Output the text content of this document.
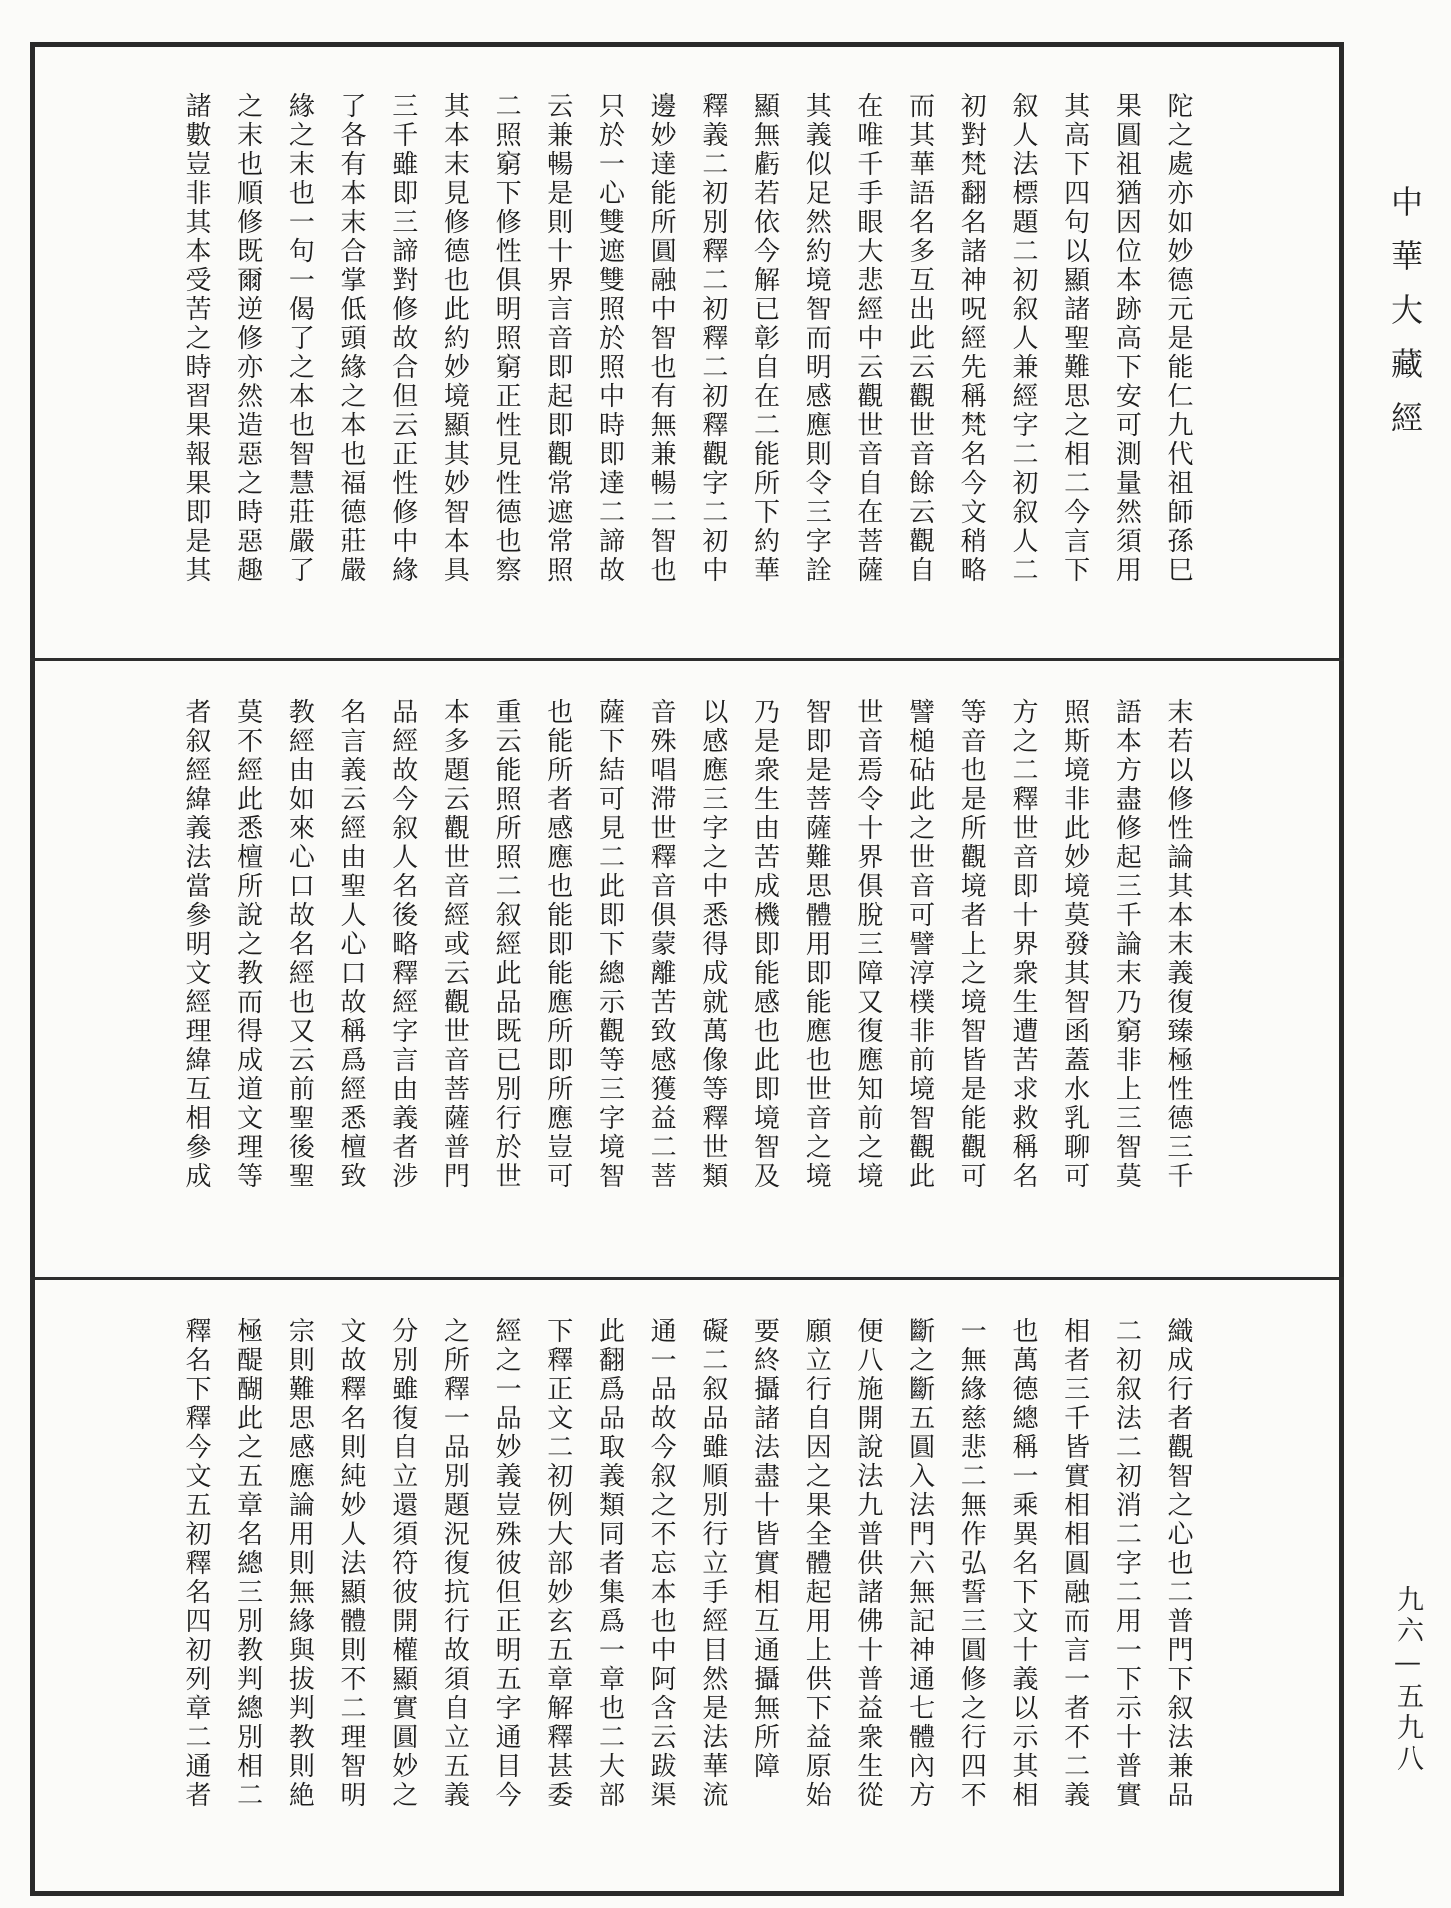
陀之處亦如妙德元是能仁九代祖師孫巳
果圓祖猶因位本跡高下安可測量然須用
其高下四句以顯諸聖難思之相二今言下
叙人法標題二初叙人兼經字二初叙人二
初對梵翻名諸神呪經先稱梵名今文稍略
而其華語名多互出此云觀世音餘云觀自
在唯千手眼大悲經中云觀世音自在菩薩
其義似足然約境智而明感應則令三字詮
顯無虧若依今解已彰自在二能所下約華
釋義二初別釋二初釋二初釋觀字二初中
邊妙達能所圓融中智也有無兼暢二智也
只於一心雙遮雙照於照中時即達二諦故
云兼暢是則十界言音即起即觀常遮常照
二照窮下修性俱明照窮正性見性德也察
其本末見修德也此約妙境顯其妙智本具
三千雖即三諦對修故合但云正性修中緣
了各有本末合掌低頭緣之本也福德莊嚴
緣之末也一句一偈了之本也智慧莊嚴了
之末也順修既爾逆修亦然造惡之時惡趣
諸數豈非其本受苦之時習果報果即是其
末若以修性論其本末義復臻極性德三千
語本方盡修起三千論末乃窮非上三智莫
照斯境非此妙境莫發其智函蓋水乳聊可
方之二釋世音即十界衆生遭苦求救稱名
等音也是所觀境者上之境智皆是能觀可
譬槌砧此之世音可譬淳樸非前境智觀此
世音焉令十界俱脫三障又復應知前之境
智即是菩薩難思體用即能應也世音之境
乃是衆生由苦成機即能感也此即境智及
以感應三字之中悉得成就萬像等釋世類
音殊唱滞世釋音俱蒙離苦致感獲益二菩
薩下結可見二此即下總示觀等三字境智
也能所者感應也能即能應所即所應豈可
重云能照所照二叙經此品既已別行於世
本多題云觀世音經或云觀世音菩薩普門
品經故今叙人名後略釋經字言由義者涉
名言義云經由聖人心口故稱爲經悉檀致
教經由如來心口故名經也又云前聖後聖
莫不經此悉檀所說之教而得成道文理等
者叙經緯義法當參明文經理緯互相參成
織成行者觀智之心也二普門下叙法兼品
二初叙法二初消二字二用一下示十普實
相者三千皆實相相圓融而言一者不二義
也萬德總稱一乘異名下文十義以示其相
一無緣慈悲二無作弘誓三圓修之行四不
斷之斷五圓入法門六無記神通七體內方
便八施開說法九普供諸佛十普益衆生從
願立行自因之果全體起用上供下益原始
要終攝諸法盡十皆實相互通攝無所障
礙二叙品雖順別行立手經目然是法華流
通一品故今叙之不忘本也中阿含云跋渠
此翻爲品取義類同者集爲一章也二大部
下釋正文二初例大部妙玄五章解釋甚委
經之一品妙義豈殊彼但正明五字通目今
之所釋一品別題況復抗行故須自立五義
分別雖復自立還須符彼開權顯實圓妙之
文故釋名則純妙人法顯體則不二理智明
宗則難思感應論用則無緣與拔判教則絶
極醍醐此之五章名總三別教判總別相二
釋名下釋今文五初釋名四初列章二通者
中華大藏經
九六—五九八
